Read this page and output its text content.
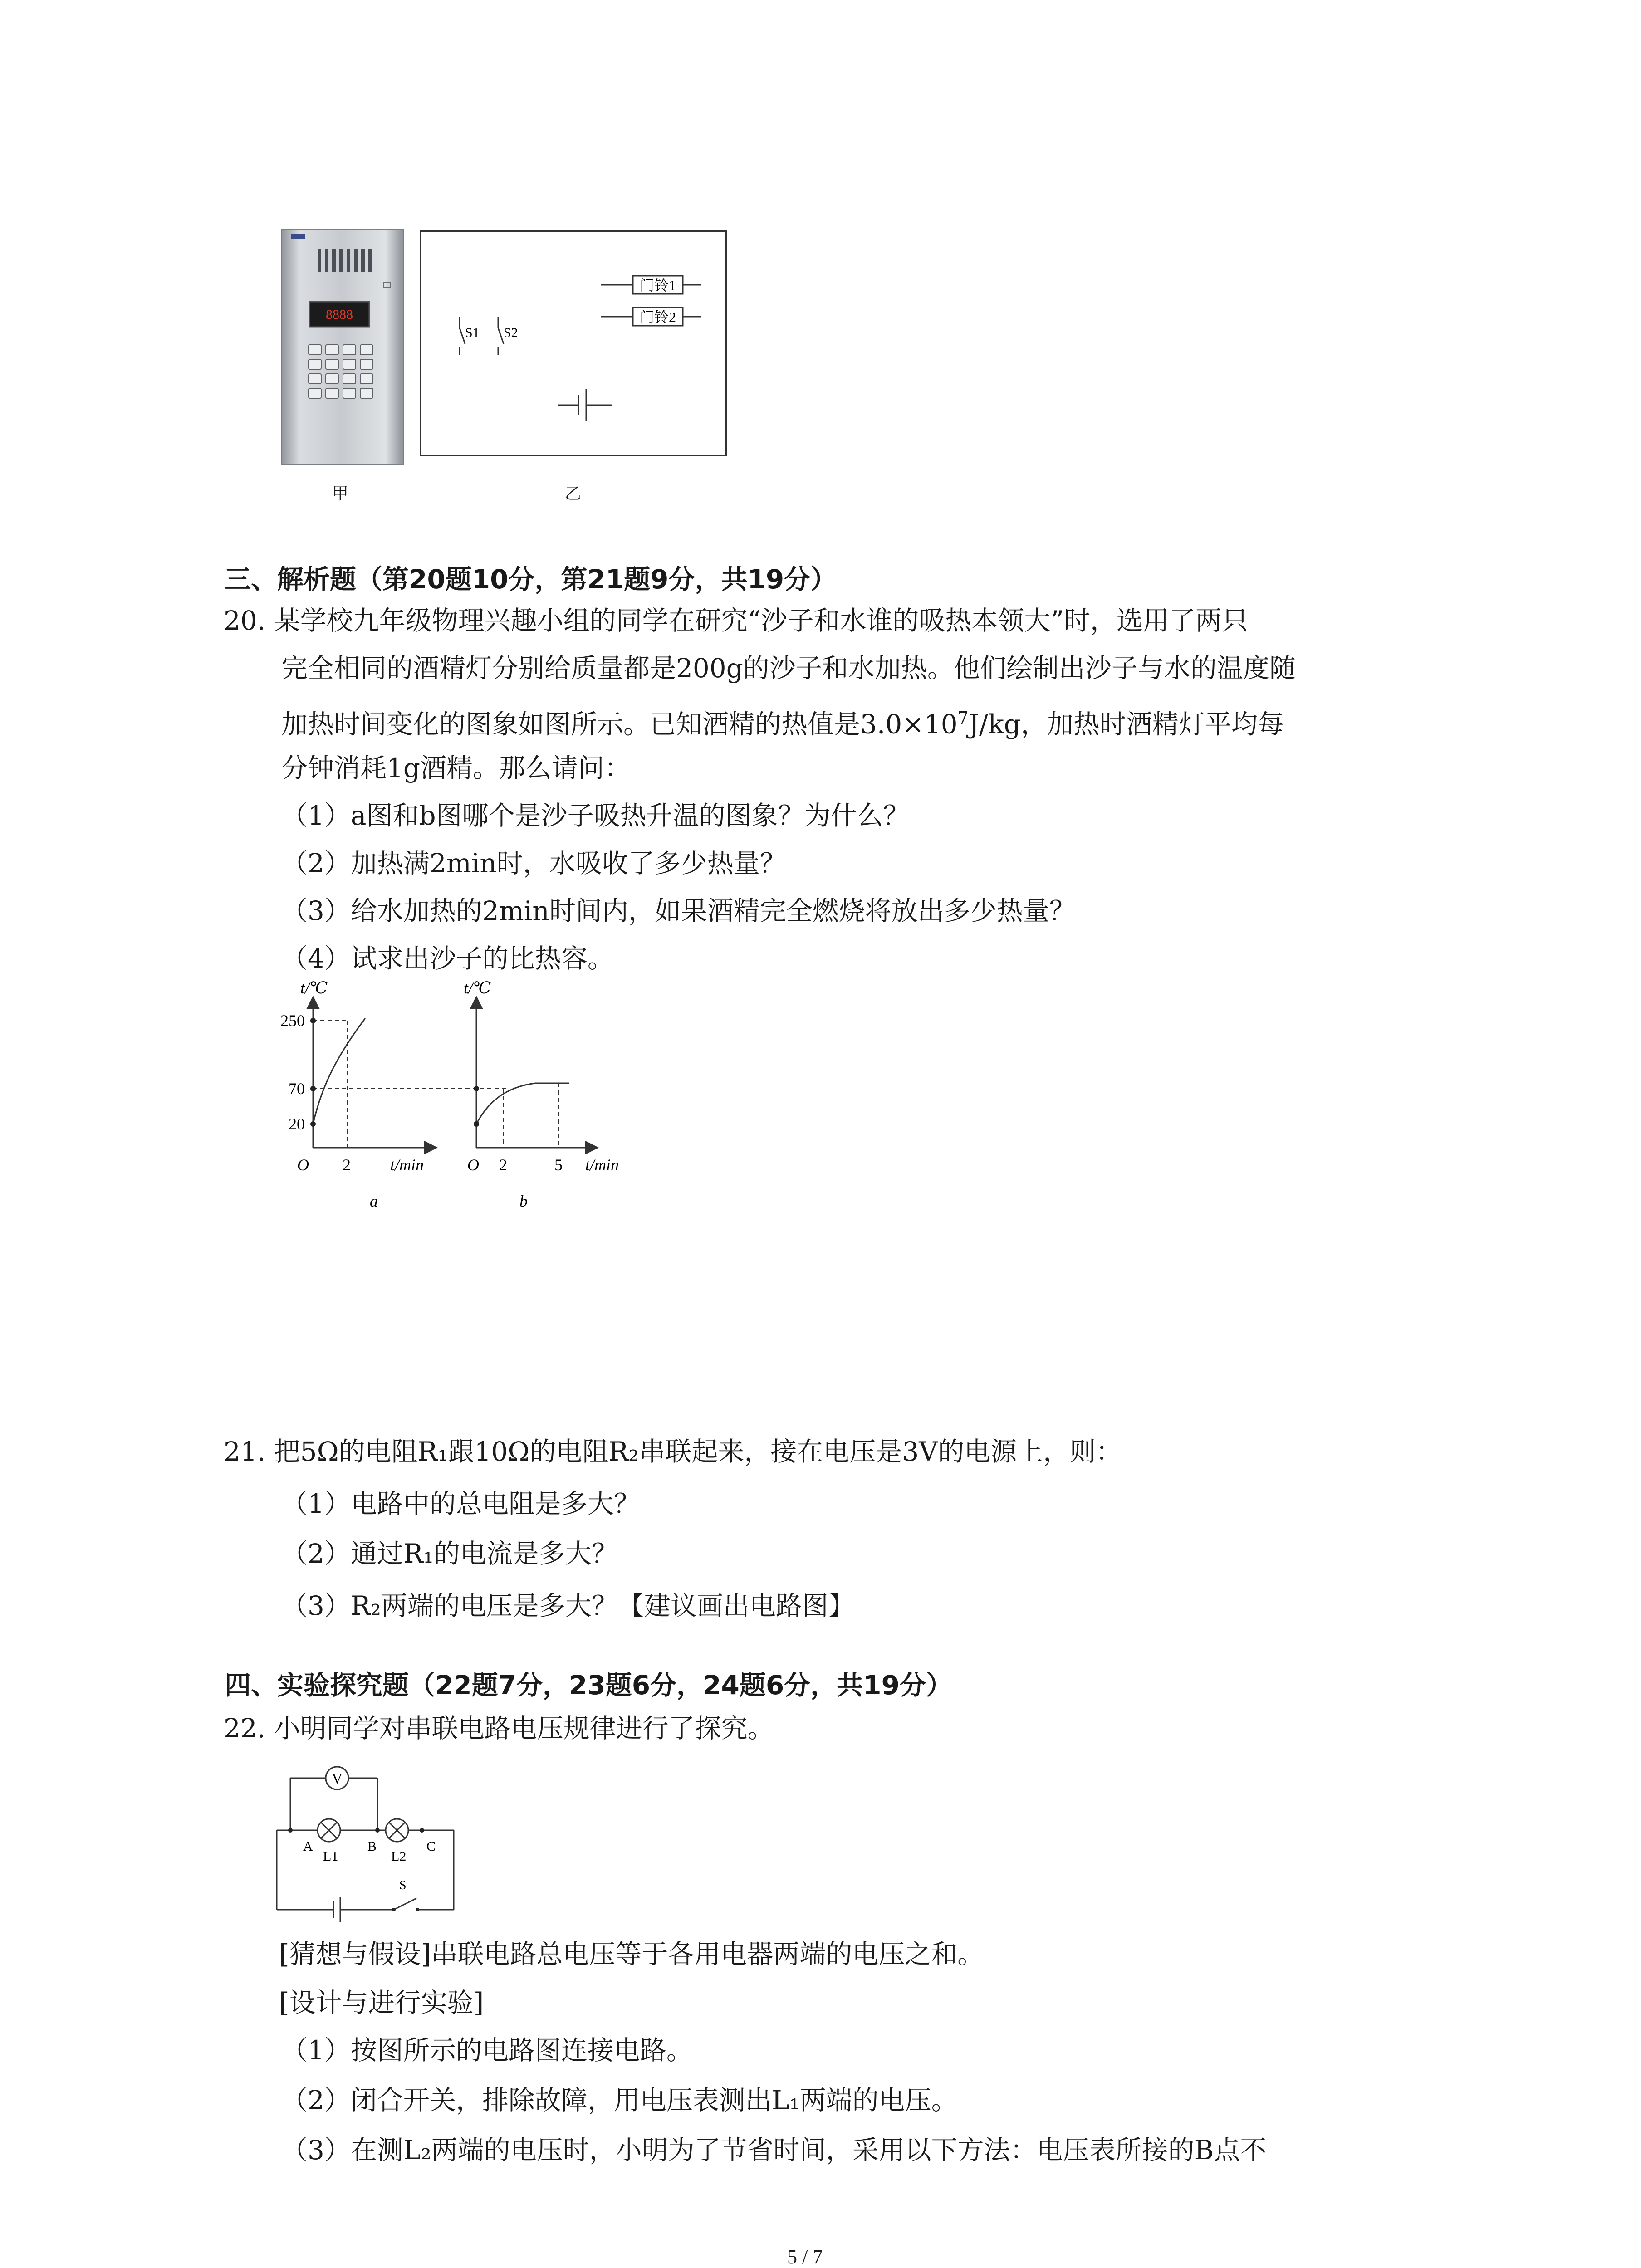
8888
甲
门铃1
门铃2
S1 S2
乙
三、解析题（第20题10分，第21题9分，共19分）
20. 某学校九年级物理兴趣小组的同学在研究“沙子和水谁的吸热本领大”时，选用了两只
完全相同的酒精灯分别给质量都是200g的沙子和水加热。他们绘制出沙子与水的温度随
加热时间变化的图象如图所示。已知酒精的热值是$3.0\times 10^7J/kg$，加热时酒精灯平均每
分钟消耗1g酒精。那么请问：
（1）a图和b图哪个是沙子吸热升温的图象？为什么？
（2）加热满2min时，水吸收了多少热量？
（3）给水加热的2min时间内，如果酒精完全燃烧将放出多少热量？
（4）试求出沙子的比热容。
t/℃
250
70
20
O 2 t/min
a
t/℃
O 2	5 t/min
b
21. 把5Ω的电阻R₁跟10Ω的电阻R₂串联起来，接在电压是3V的电源上，则：
（1）电路中的总电阻是多大？
（2）通过R₁的电流是多大？
（3）R₂两端的电压是多大？【建议画出电路图】
四、实验探究题（22题7分，23题6分，24题6分，共19分）
22. 小明同学对串联电路电压规律进行了探究。
V
A	B	C
L1	L2
S
[猜想与假设]串联电路总电压等于各用电器两端的电压之和。
[设计与进行实验]
（1）按图所示的电路图连接电路。
（2）闭合开关，排除故障，用电压表测出L₁两端的电压。
（3）在测L₂两端的电压时，小明为了节省时间，采用以下方法：电压表所接的B点不
5 / 7
